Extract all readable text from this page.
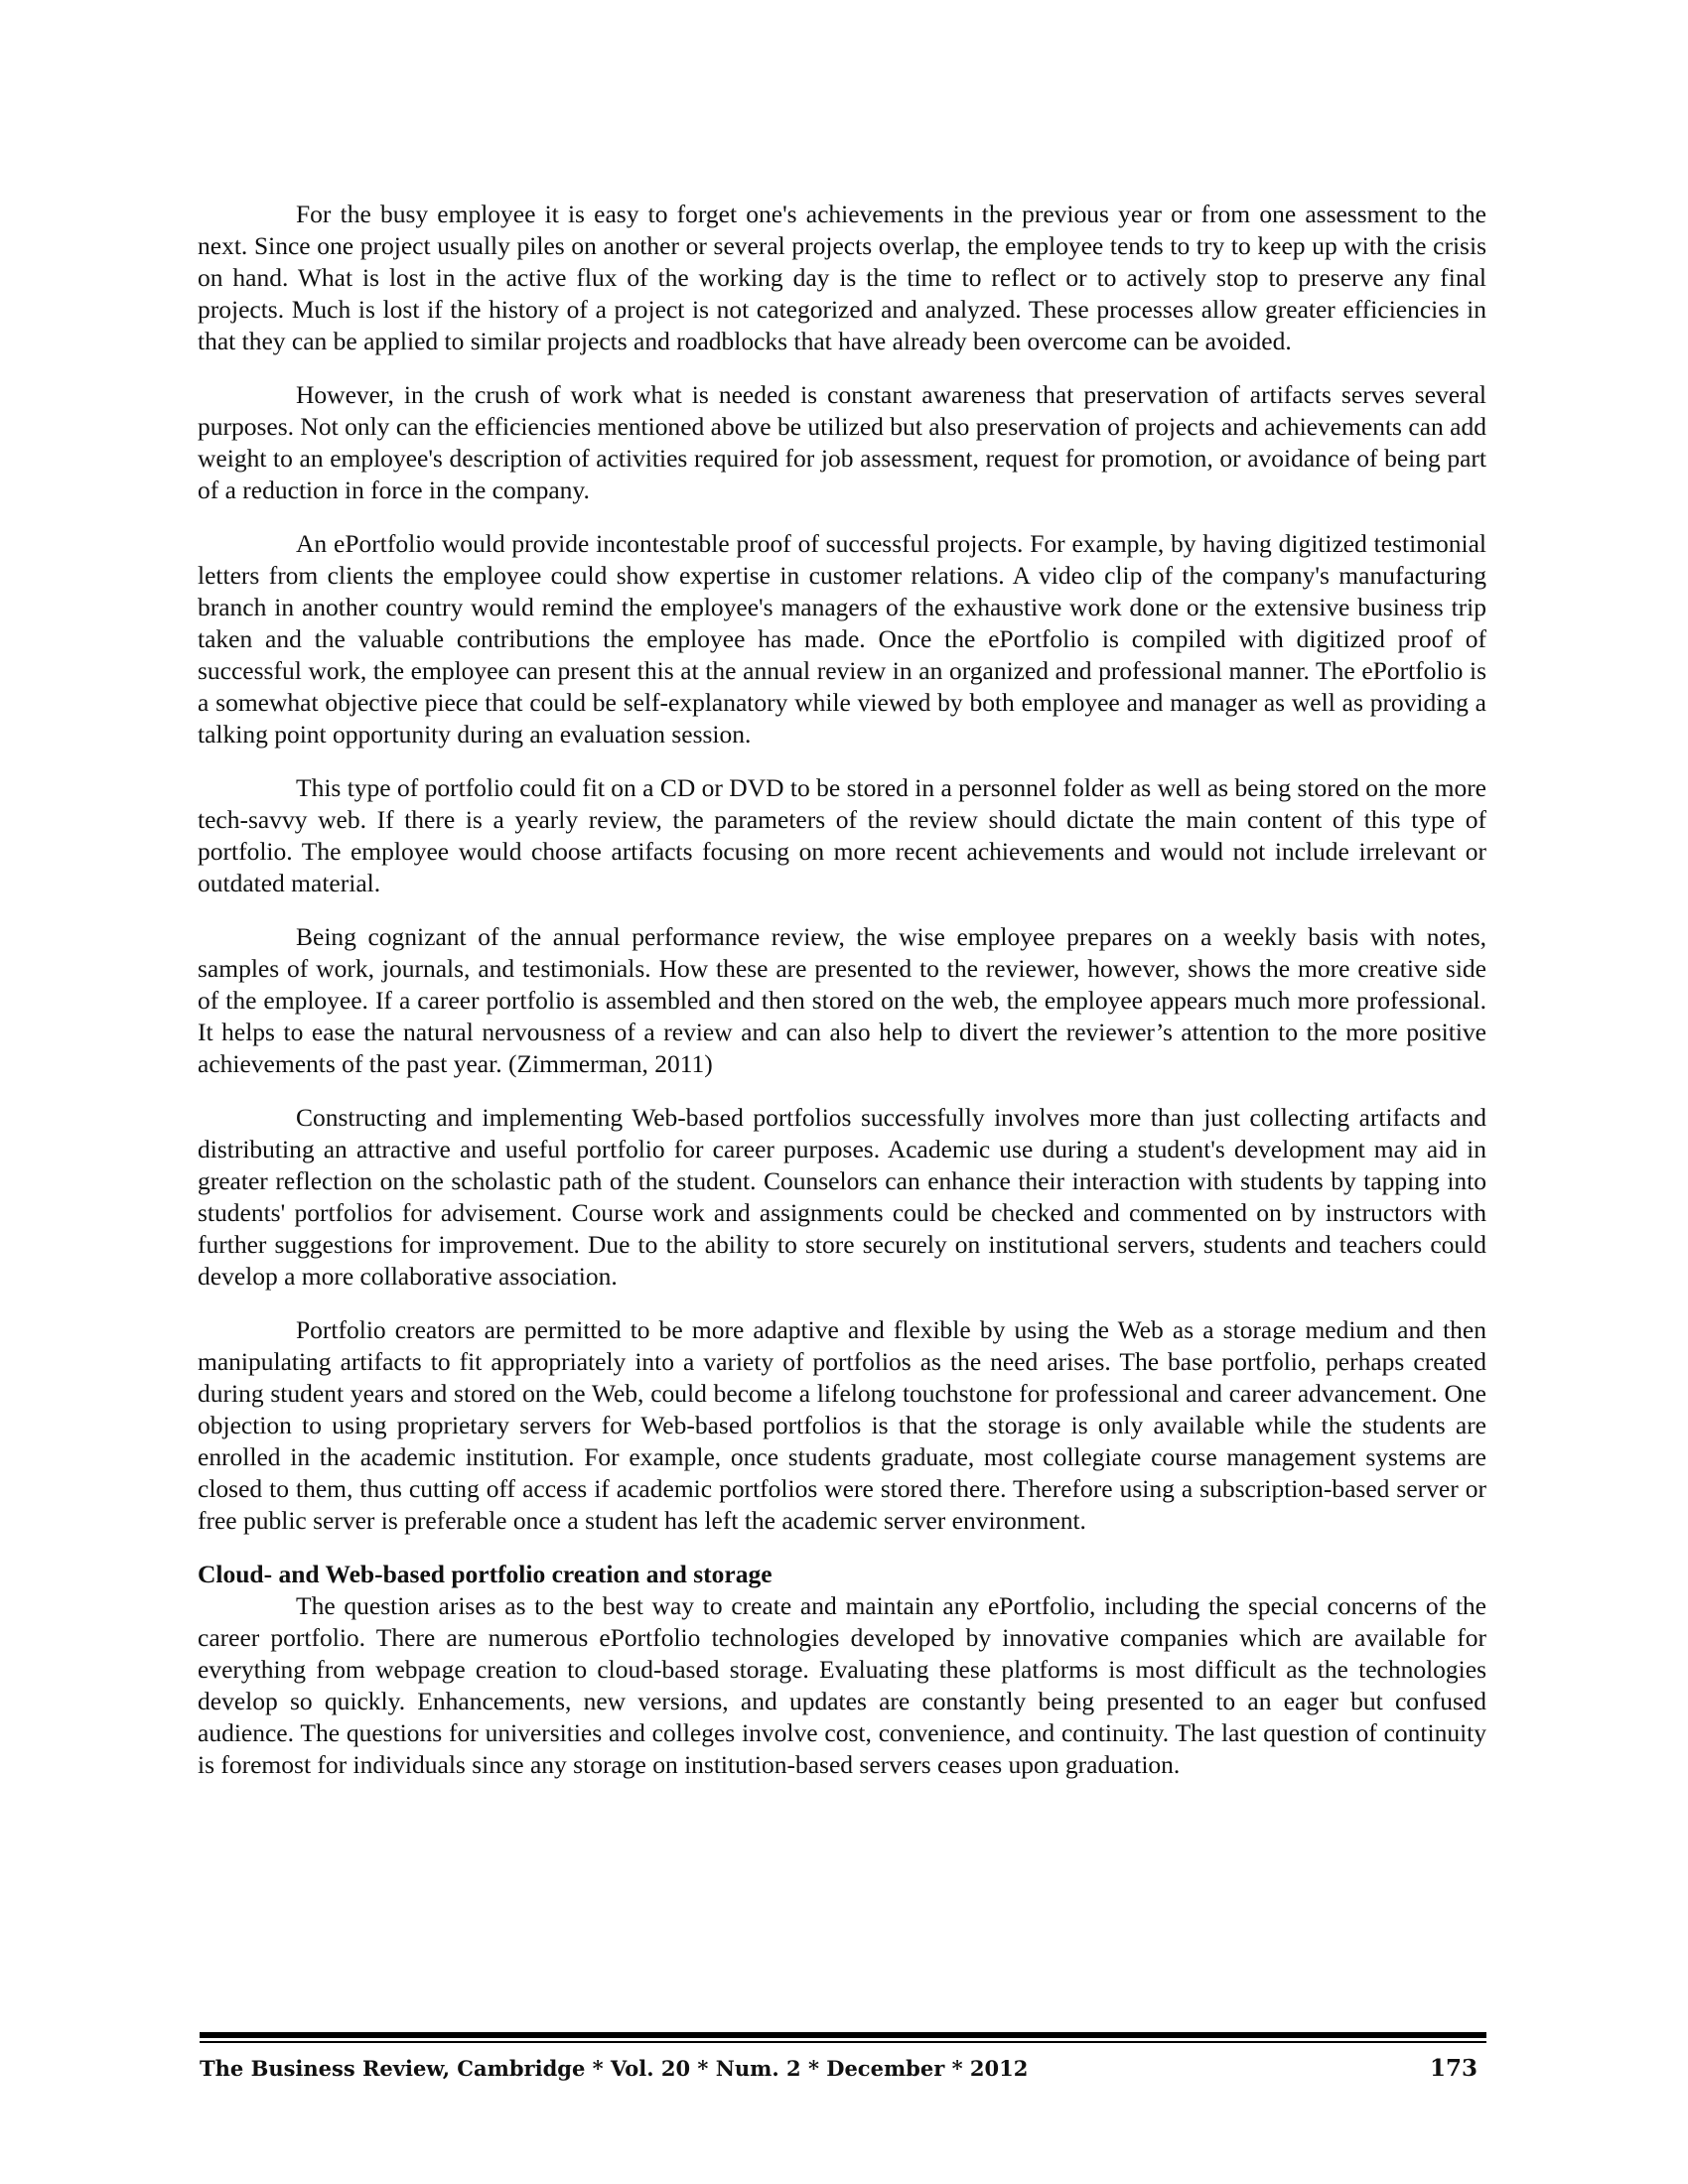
For the busy employee it is easy to forget one's achievements in the previous year or from one assessment to the next. Since one project usually piles on another or several projects overlap, the employee tends to try to keep up with the crisis on hand. What is lost in the active flux of the working day is the time to reflect or to actively stop to preserve any final projects. Much is lost if the history of a project is not categorized and analyzed. These processes allow greater efficiencies in that they can be applied to similar projects and roadblocks that have already been overcome can be avoided.

However, in the crush of work what is needed is constant awareness that preservation of artifacts serves several purposes. Not only can the efficiencies mentioned above be utilized but also preservation of projects and achievements can add weight to an employee's description of activities required for job assessment, request for promotion, or avoidance of being part of a reduction in force in the company.

An ePortfolio would provide incontestable proof of successful projects. For example, by having digitized testimonial letters from clients the employee could show expertise in customer relations. A video clip of the company's manufacturing branch in another country would remind the employee's managers of the exhaustive work done or the extensive business trip taken and the valuable contributions the employee has made. Once the ePortfolio is compiled with digitized proof of successful work, the employee can present this at the annual review in an organized and professional manner. The ePortfolio is a somewhat objective piece that could be self-explanatory while viewed by both employee and manager as well as providing a talking point opportunity during an evaluation session.

This type of portfolio could fit on a CD or DVD to be stored in a personnel folder as well as being stored on the more tech-savvy web. If there is a yearly review, the parameters of the review should dictate the main content of this type of portfolio. The employee would choose artifacts focusing on more recent achievements and would not include irrelevant or outdated material.

Being cognizant of the annual performance review, the wise employee prepares on a weekly basis with notes, samples of work, journals, and testimonials. How these are presented to the reviewer, however, shows the more creative side of the employee. If a career portfolio is assembled and then stored on the web, the employee appears much more professional. It helps to ease the natural nervousness of a review and can also help to divert the reviewer’s attention to the more positive achievements of the past year. (Zimmerman, 2011)

Constructing and implementing Web-based portfolios successfully involves more than just collecting artifacts and distributing an attractive and useful portfolio for career purposes. Academic use during a student's development may aid in greater reflection on the scholastic path of the student. Counselors can enhance their interaction with students by tapping into students' portfolios for advisement. Course work and assignments could be checked and commented on by instructors with further suggestions for improvement. Due to the ability to store securely on institutional servers, students and teachers could develop a more collaborative association.

Portfolio creators are permitted to be more adaptive and flexible by using the Web as a storage medium and then manipulating artifacts to fit appropriately into a variety of portfolios as the need arises. The base portfolio, perhaps created during student years and stored on the Web, could become a lifelong touchstone for professional and career advancement. One objection to using proprietary servers for Web-based portfolios is that the storage is only available while the students are enrolled in the academic institution. For example, once students graduate, most collegiate course management systems are closed to them, thus cutting off access if academic portfolios were stored there. Therefore using a subscription-based server or free public server is preferable once a student has left the academic server environment.

Cloud- and Web-based portfolio creation and storage

The question arises as to the best way to create and maintain any ePortfolio, including the special concerns of the career portfolio. There are numerous ePortfolio technologies developed by innovative companies which are available for everything from webpage creation to cloud-based storage. Evaluating these platforms is most difficult as the technologies develop so quickly. Enhancements, new versions, and updates are constantly being presented to an eager but confused audience. The questions for universities and colleges involve cost, convenience, and continuity. The last question of continuity is foremost for individuals since any storage on institution-based servers ceases upon graduation.

The Business Review, Cambridge * Vol. 20 * Num. 2 * December * 2012	173
